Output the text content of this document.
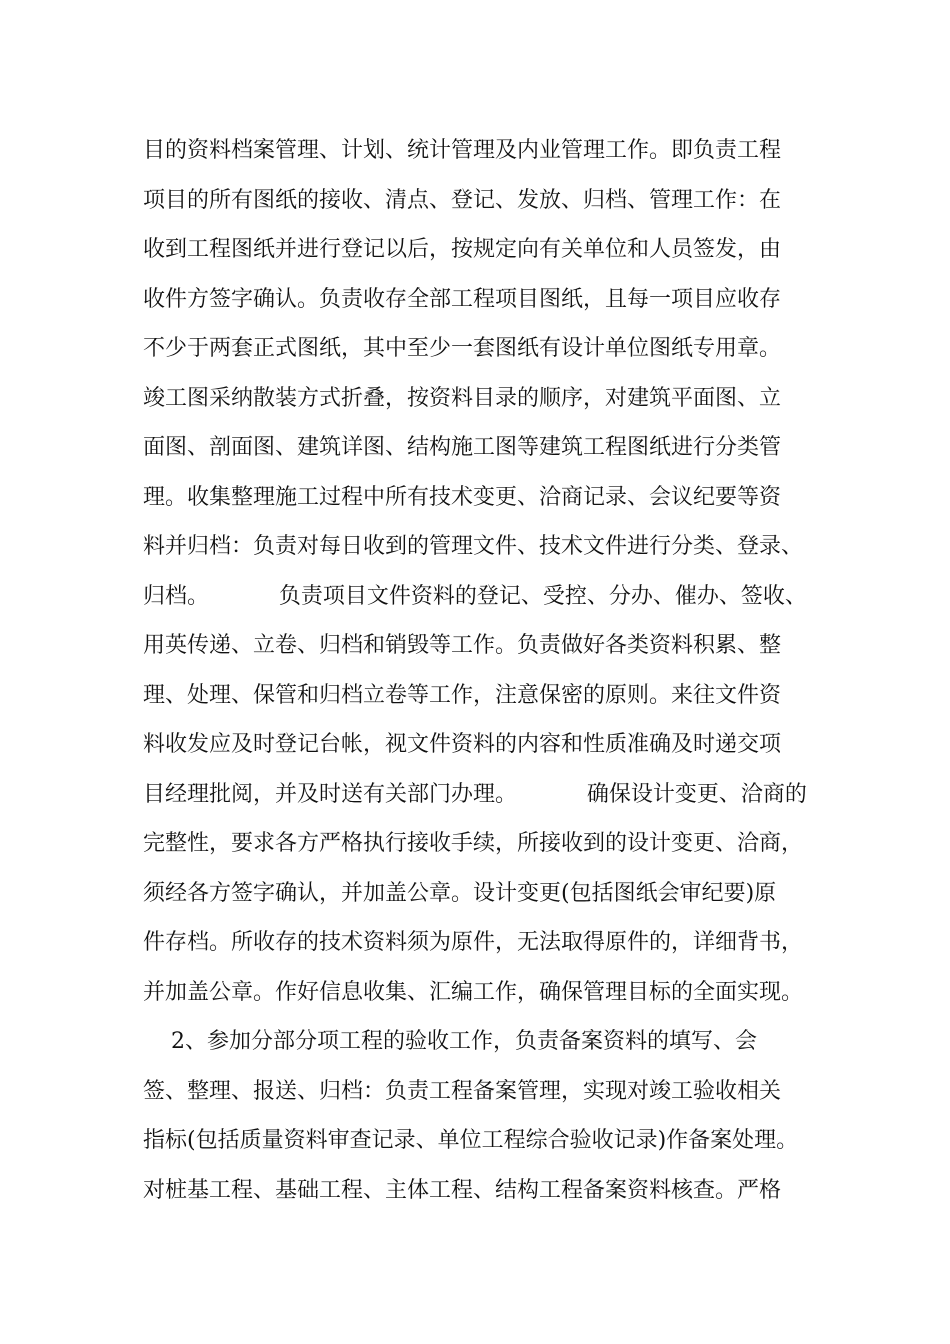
目的资料档案管理、计划、统计管理及内业管理工作。即负责工程
项目的所有图纸的接收、清点、登记、发放、归档、管理工作：在
收到工程图纸并进行登记以后，按规定向有关单位和人员签发，由
收件方签字确认。负责收存全部工程项目图纸，且每一项目应收存
不少于两套正式图纸，其中至少一套图纸有设计单位图纸专用章。
竣工图采纳散装方式折叠，按资料目录的顺序，对建筑平面图、立
面图、剖面图、建筑详图、结构施工图等建筑工程图纸进行分类管
理。收集整理施工过程中所有技术变更、洽商记录、会议纪要等资
料并归档：负责对每日收到的管理文件、技术文件进行分类、登录、
归档。          负责项目文件资料的登记、受控、分办、催办、签收、
用英传递、立卷、归档和销毁等工作。负责做好各类资料积累、整
理、处理、保管和归档立卷等工作，注意保密的原则。来往文件资
料收发应及时登记台帐，视文件资料的内容和性质准确及时递交项
目经理批阅，并及时送有关部门办理。          确保设计变更、洽商的
完整性，要求各方严格执行接收手续，所接收到的设计变更、洽商，
须经各方签字确认，并加盖公章。设计变更(包括图纸会审纪要)原
件存档。所收存的技术资料须为原件，无法取得原件的，详细背书，
并加盖公章。作好信息收集、汇编工作，确保管理目标的全面实现。
2、参加分部分项工程的验收工作，负责备案资料的填写、会
签、整理、报送、归档：负责工程备案管理，实现对竣工验收相关
指标(包括质量资料审查记录、单位工程综合验收记录)作备案处理。
对桩基工程、基础工程、主体工程、结构工程备案资料核查。严格
